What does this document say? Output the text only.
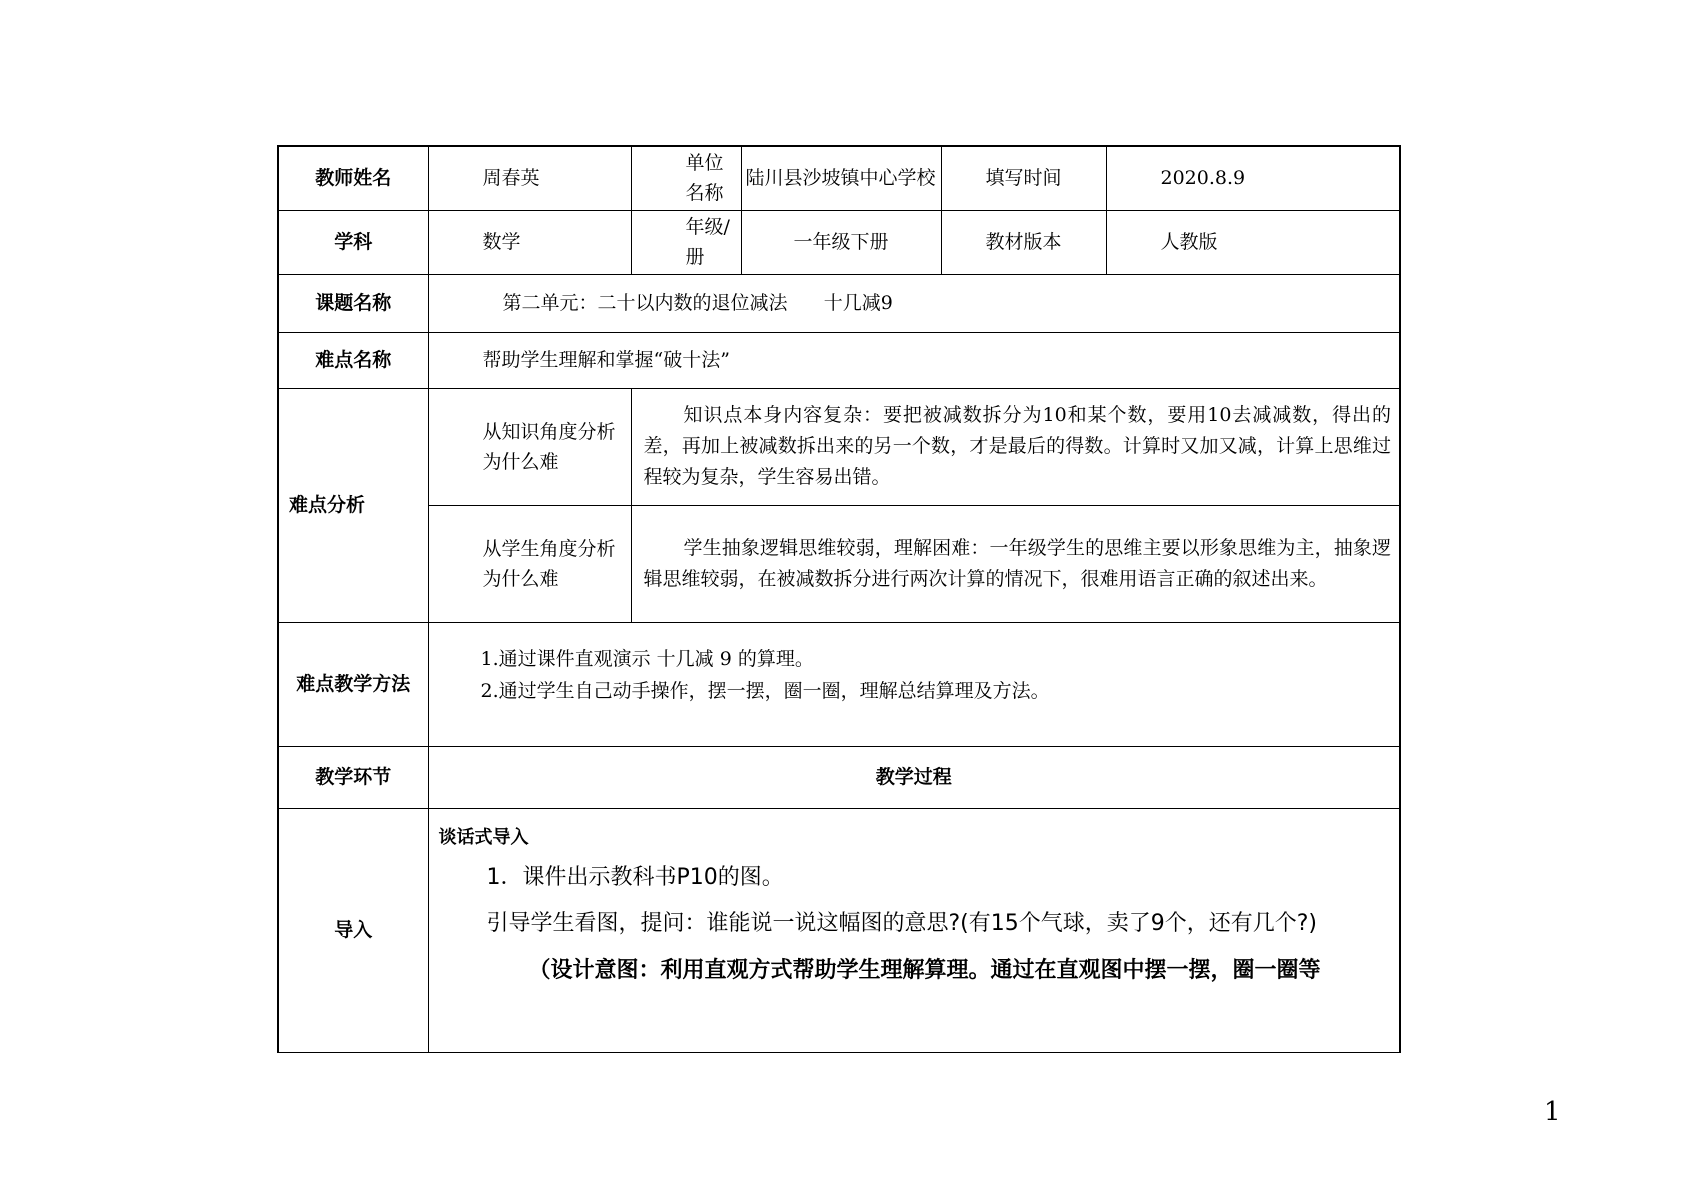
教师姓名	周春英	单位名称	陆川县沙坡镇中心学校	填写时间	2020.8.9
学科	数学	年级/册	一年级下册	教材版本	人教版
课题名称	第二单元：二十以内数的退位减法      十几减9				
难点名称	帮助学生理解和掌握“破十法”				
难点分析	从知识角度分析为什么难	知识点本身内容复杂：要把被减数拆分为10和某个数，要用10去减减数，得出的差，再加上被减数拆出来的另一个数，才是最后的得数。计算时又加又减，计算上思维过程较为复杂，学生容易出错。			

	从学生角度分析为什么难	学生抽象逻辑思维较弱，理解困难：一年级学生的思维主要以形象思维为主，抽象逻辑思维较弱，在被减数拆分进行两次计算的情况下，很难用语言正确的叙述出来。			
难点教学方法	1.通过课件直观演示 十几减 9 的算理。
2.通过学生自己动手操作，摆一摆，圈一圈，理解总结算理及方法。				

教学环节	教学过程				
导入	谈话式导入
1．课件出示教科书P10的图。
引导学生看图，提问：谁能说一说这幅图的意思?(有15个气球，卖了9个，还有几个?)
（设计意图：利用直观方式帮助学生理解算理。通过在直观图中摆一摆，圈一圈等				
1
